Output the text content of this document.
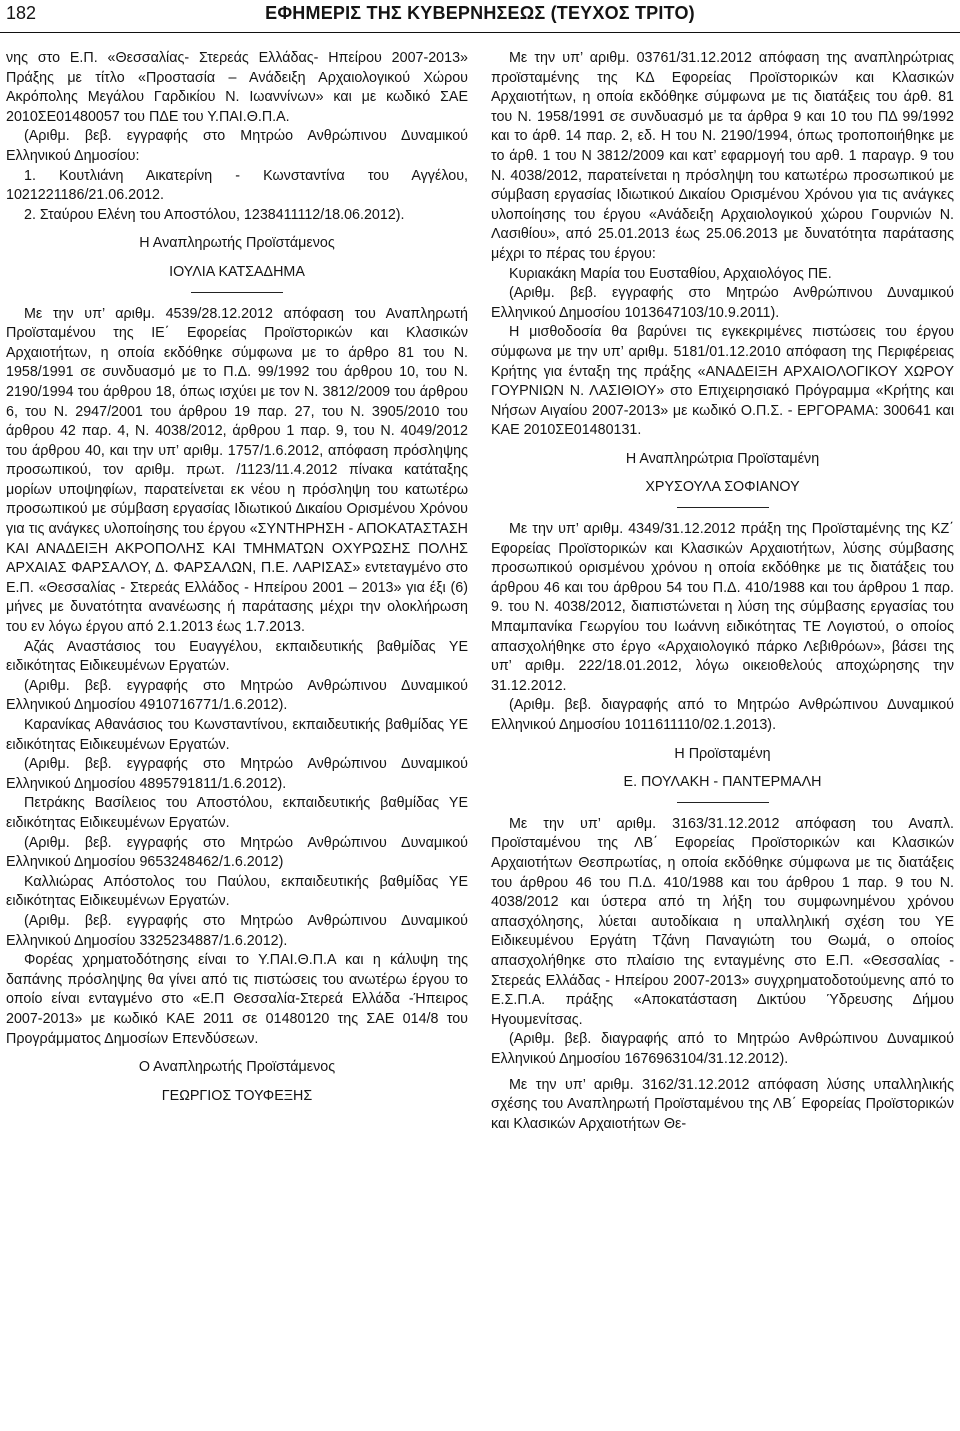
182	ΕΦΗΜΕΡΙΣ ΤΗΣ ΚΥΒΕΡΝΗΣΕΩΣ (ΤΕΥΧΟΣ ΤΡΙΤΟ)

νης στο Ε.Π. «Θεσσαλίας- Στερεάς Ελλάδας- Ηπείρου 2007-2013» Πράξης με τίτλο «Προστασία – Ανάδειξη Αρχαιολογικού Χώρου Ακρόπολης Μεγάλου Γαρδικίου Ν. Ιωαννίνων» και με κωδικό ΣΑΕ 2010ΣΕ01480057 του ΠΔΕ του Υ.ΠΑΙ.Θ.Π.Α.

(Αριθμ. βεβ. εγγραφής στο Μητρώο Ανθρώπινου Δυναμικού Ελληνικού Δημοσίου:

1. Κουτλιάνη Αικατερίνη - Κωνσταντίνα του Αγγέλου, 1021221186/21.06.2012.

2. Σταύρου Ελένη του Αποστόλου, 1238411112/18.06.2012).

Η Αναπληρωτής Προϊστάμενος

ΙΟΥΛΙΑ ΚΑΤΣΑΔΗΜΑ

Με την υπ’ αριθμ. 4539/28.12.2012 απόφαση του Αναπληρωτή Προϊσταμένου της ΙΕ΄ Εφορείας Προϊστορικών και Κλασικών Αρχαιοτήτων, η οποία εκδόθηκε σύμφωνα με το άρθρο 81 του Ν. 1958/1991 σε συνδυασμό με το Π.Δ. 99/1992 του άρθρου 10, του Ν. 2190/1994 του άρθρου 18, όπως ισχύει με τον Ν. 3812/2009 του άρθρου 6, του Ν. 2947/2001 του άρθρου 19 παρ. 27, του Ν. 3905/2010 του άρθρου 42 παρ. 4, Ν. 4038/2012, άρθρου 1 παρ. 9, του Ν. 4049/2012 του άρθρου 40, και την υπ’ αριθμ. 1757/1.6.2012, απόφαση πρόσληψης προσωπικού, τον αριθμ. πρωτ. /1123/11.4.2012 πίνακα κατάταξης μορίων υποψηφίων, παρατείνεται εκ νέου η πρόσληψη του κατωτέρω προσωπικού με σύμβαση εργασίας Ιδιωτικού Δικαίου Ορισμένου Χρόνου για τις ανάγκες υλοποίησης του έργου «ΣΥΝΤΗΡΗΣΗ - ΑΠΟΚΑΤΑΣΤΑΣΗ ΚΑΙ ΑΝΑΔΕΙΞΗ ΑΚΡΟΠΟΛΗΣ ΚΑΙ ΤΜΗΜΑΤΩΝ ΟΧΥΡΩΣΗΣ ΠΟΛΗΣ ΑΡΧΑΙΑΣ ΦΑΡΣΑΛΟΥ, Δ. ΦΑΡΣΑΛΩΝ, Π.Ε. ΛΑΡΙΣΑΣ» εντεταγμένο στο Ε.Π. «Θεσσαλίας - Στερεάς Ελλάδος - Ηπείρου 2001 – 2013» για έξι (6) μήνες με δυνατότητα ανανέωσης ή παράτασης μέχρι την ολοκλήρωση του εν λόγω έργου από 2.1.2013 έως 1.7.2013.

Αζάς Αναστάσιος του Ευαγγέλου, εκπαιδευτικής βαθμίδας ΥΕ ειδικότητας Ειδικευμένων Εργατών.

(Αριθμ. βεβ. εγγραφής στο Μητρώο Ανθρώπινου Δυναμικού Ελληνικού Δημοσίου 4910716771/1.6.2012).

Καρανίκας Αθανάσιος του Κωνσταντίνου, εκπαιδευτικής βαθμίδας ΥΕ ειδικότητας Ειδικευμένων Εργατών.

(Αριθμ. βεβ. εγγραφής στο Μητρώο Ανθρώπινου Δυναμικού Ελληνικού Δημοσίου 4895791811/1.6.2012).

Πετράκης Βασίλειος του Αποστόλου, εκπαιδευτικής βαθμίδας ΥΕ ειδικότητας Ειδικευμένων Εργατών.

(Αριθμ. βεβ. εγγραφής στο Μητρώο Ανθρώπινου Δυναμικού Ελληνικού Δημοσίου 9653248462/1.6.2012)

Καλλιώρας Απόστολος του Παύλου, εκπαιδευτικής βαθμίδας ΥΕ ειδικότητας Ειδικευμένων Εργατών.

(Αριθμ. βεβ. εγγραφής στο Μητρώο Ανθρώπινου Δυναμικού Ελληνικού Δημοσίου 3325234887/1.6.2012).

Φορέας χρηματοδότησης είναι το Υ.ΠΑΙ.Θ.Π.Α και η κάλυψη της δαπάνης πρόσληψης θα γίνει από τις πιστώσεις του ανωτέρω έργου το οποίο είναι ενταγμένο στο «Ε.Π Θεσσαλία-Στερεά Ελλάδα -Ήπειρος 2007-2013» με κωδικό ΚΑΕ 2011 σε 01480120 της ΣΑΕ 014/8 του Προγράμματος Δημοσίων Επενδύσεων.

Ο Αναπληρωτής Προϊστάμενος

ΓΕΩΡΓΙΟΣ ΤΟΥΦΕΞΗΣ

Με την υπ’ αριθμ. 03761/31.12.2012 απόφαση της αναπληρώτριας προϊσταμένης της ΚΔ Εφορείας Προϊστορικών και Κλασικών Αρχαιοτήτων, η οποία εκδόθηκε σύμφωνα με τις διατάξεις του άρθ. 81 του Ν. 1958/1991 σε συνδυασμό με τα άρθρα 9 και 10 του ΠΔ 99/1992 και το άρθ. 14 παρ. 2, εδ. Η του Ν. 2190/1994, όπως τροποποιήθηκε με το άρθ. 1 του Ν 3812/2009 και κατ’ εφαρμογή του αρθ. 1 παραγρ. 9 του Ν. 4038/2012, παρατείνεται η πρόσληψη του κατωτέρω προσωπικού με σύμβαση εργασίας Ιδιωτικού Δικαίου Ορισμένου Χρόνου για τις ανάγκες υλοποίησης του έργου «Ανάδειξη Αρχαιολογικού χώρου Γουρνιών Ν. Λασιθίου», από 25.01.2013 έως 25.06.2013 με δυνατότητα παράτασης μέχρι το πέρας του έργου:

Κυριακάκη Μαρία του Ευσταθίου, Αρχαιολόγος ΠΕ.

(Αριθμ. βεβ. εγγραφής στο Μητρώο Ανθρώπινου Δυναμικού Ελληνικού Δημοσίου 1013647103/10.9.2011).

Η μισθοδοσία θα βαρύνει τις εγκεκριμένες πιστώσεις του έργου σύμφωνα με την υπ’ αριθμ. 5181/01.12.2010 απόφαση της Περιφέρειας Κρήτης για ένταξη της πράξης «ΑΝΑΔΕΙΞΗ ΑΡΧΑΙΟΛΟΓΙΚΟΥ ΧΩΡΟΥ ΓΟΥΡΝΙΩΝ Ν. ΛΑΣΙΘΙΟΥ» στο Επιχειρησιακό Πρόγραμμα «Κρήτης και Νήσων Αιγαίου 2007-2013» με κωδικό Ο.Π.Σ. - ΕΡΓΟΡΑΜΑ: 300641 και ΚΑΕ 2010ΣΕ01480131.

Η Αναπληρώτρια Προϊσταμένη

ΧΡΥΣΟΥΛΑ ΣΟΦΙΑΝΟΥ

Με την υπ’ αριθμ. 4349/31.12.2012 πράξη της Προϊσταμένης της ΚΖ΄ Εφορείας Προϊστορικών και Κλασικών Αρχαιοτήτων, λύσης σύμβασης προσωπικού ορισμένου χρόνου η οποία εκδόθηκε με τις διατάξεις του άρθρου 46 και του άρθρου 54 του Π.Δ. 410/1988 και του άρθρου 1 παρ. 9. του Ν. 4038/2012, διαπιστώνεται η λύση της σύμβασης εργασίας του Μπαμπανίκα Γεωργίου του Ιωάννη ειδικότητας ΤΕ Λογιστού, ο οποίος απασχολήθηκε στο έργο «Αρχαιολογικό πάρκο Λεβιθρόων», βάσει της υπ’ αριθμ. 222/18.01.2012, λόγω οικειοθελούς αποχώρησης την 31.12.2012.

(Αριθμ. βεβ. διαγραφής από το Μητρώο Ανθρώπινου Δυναμικού Ελληνικού Δημοσίου 1011611110/02.1.2013).

Η Προϊσταμένη

Ε. ΠΟΥΛΑΚΗ - ΠΑΝΤΕΡΜΑΛΗ

Με την υπ’ αριθμ. 3163/31.12.2012 απόφαση του Αναπλ. Προϊσταμένου της ΛΒ΄ Εφορείας Προϊστορικών και Κλασικών Αρχαιοτήτων Θεσπρωτίας, η οποία εκδόθηκε σύμφωνα με τις διατάξεις του άρθρου 46 του Π.Δ. 410/1988 και του άρθρου 1 παρ. 9 του Ν. 4038/2012 και ύστερα από τη λήξη του συμφωνημένου χρόνου απασχόλησης, λύεται αυτοδίκαια η υπαλληλική σχέση του ΥΕ Ειδικευμένου Εργάτη Τζάνη Παναγιώτη του Θωμά, ο οποίος απασχολήθηκε στο πλαίσιο της ενταγμένης στο Ε.Π. «Θεσσαλίας - Στερεάς Ελλάδας - Ηπείρου 2007-2013» συγχρηματοδοτούμενης από το Ε.Σ.Π.Α. πράξης «Αποκατάσταση Δικτύου Ύδρευσης Δήμου Ηγουμενίτσας.

(Αριθμ. βεβ. διαγραφής από το Μητρώο Ανθρώπινου Δυναμικού Ελληνικού Δημοσίου 1676963104/31.12.2012).

Με την υπ’ αριθμ. 3162/31.12.2012 απόφαση λύσης υπαλληλικής σχέσης του Αναπληρωτή Προϊσταμένου της ΛΒ΄ Εφορείας Προϊστορικών και Κλασικών Αρχαιοτήτων Θε-
